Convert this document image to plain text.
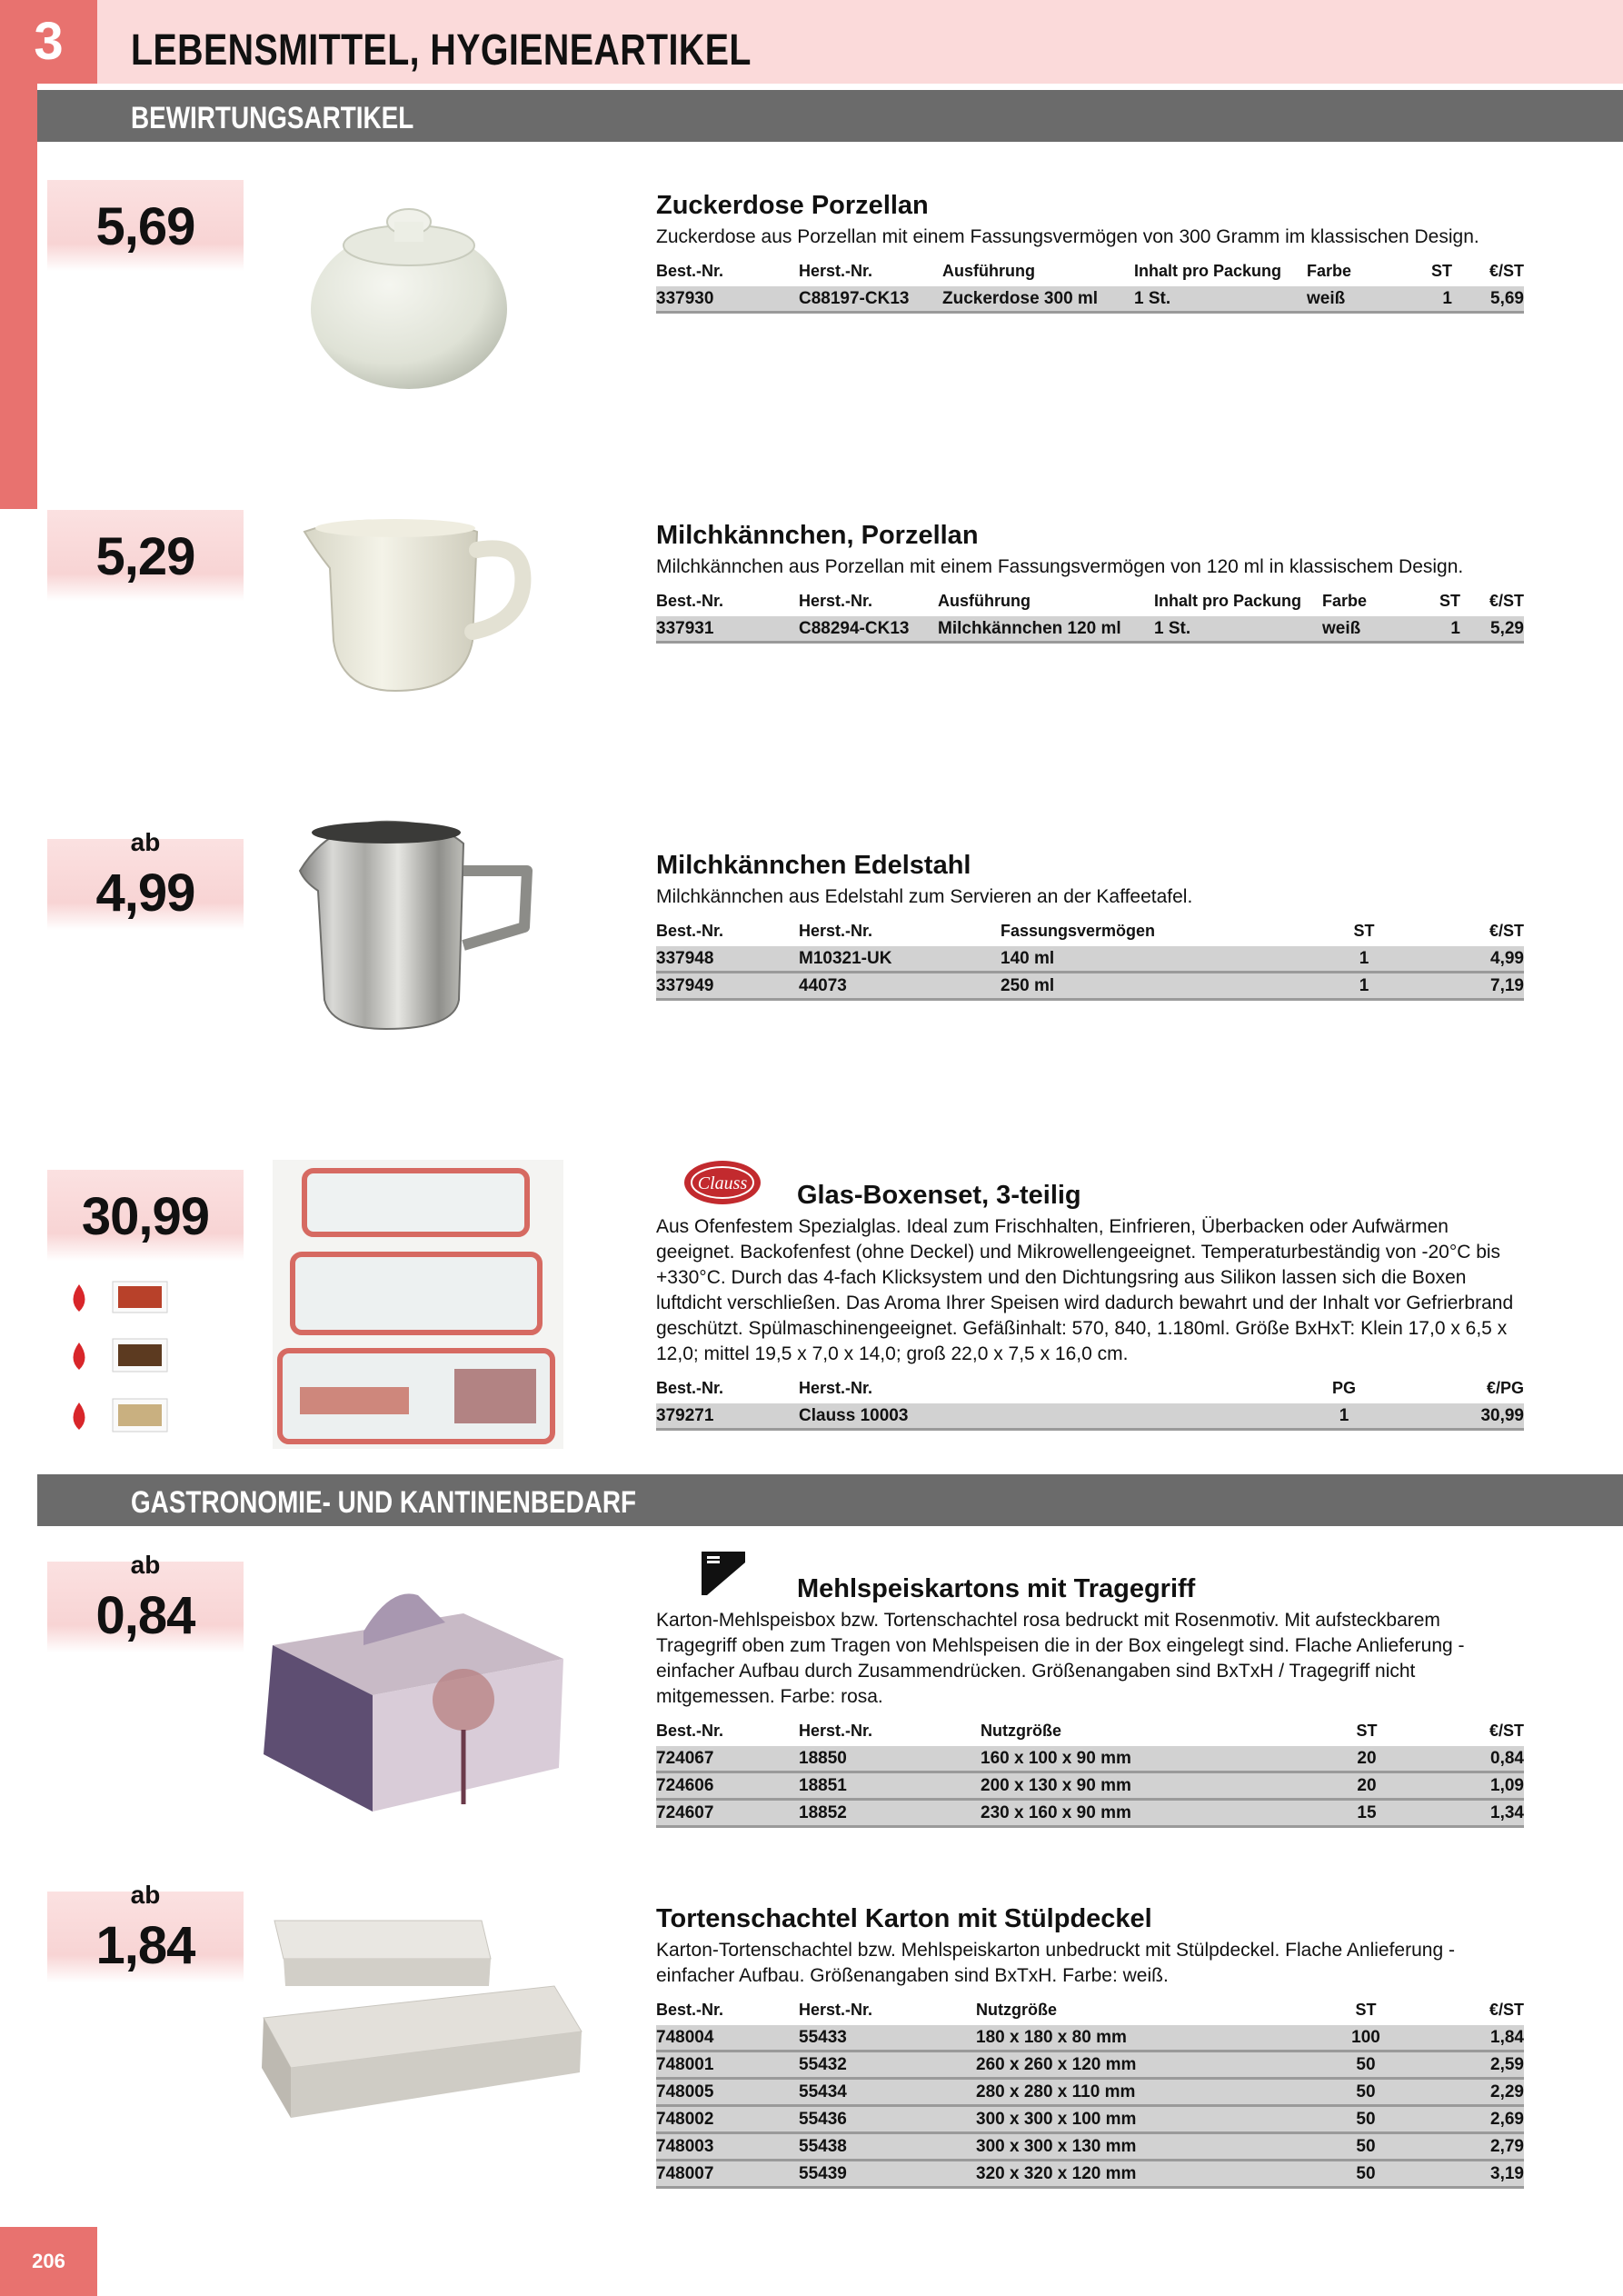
3	LEBENSMITTEL, HYGIENEARTIKEL
BEWIRTUNGSARTIKEL
GASTRONOMIE- UND KANTINENBEDARF
5,69	Zuckerdose Porzellan
Zuckerdose aus Porzellan mit einem Fassungsvermögen von 300 Gramm im klassischen Design.
Best.-Nr.	Herst.-Nr.	Ausführung	Inhalt pro Packung	Farbe	ST	€/ST
337930	C88197-CK13	Zuckerdose 300 ml	1 St.	weiß	1	5,69
5,29	Milchkännchen, Porzellan
Milchkännchen aus Porzellan mit einem Fassungsvermögen von 120 ml in klassischem Design.
Best.-Nr.	Herst.-Nr.	Ausführung	Inhalt pro Packung	Farbe	ST	€/ST
337931	C88294-CK13	Milchkännchen 120 ml	1 St.	weiß	1	5,29
ab
4,99	Milchkännchen Edelstahl
Milchkännchen aus Edelstahl zum Servieren an der Kaffeetafel.
Best.-Nr.	Herst.-Nr.	Fassungsvermögen	ST	€/ST
337948	M10321-UK	140 ml	1	4,99
337949	44073	250 ml	1	7,19
30,99
Clauss	Glas-Boxenset, 3-teilig
Aus Ofenfestem Spezialglas. Ideal zum Frischhalten, Einfrieren, Überbacken oder Aufwärmen geeignet. Backofenfest (ohne Deckel) und Mikrowellengeeignet. Temperaturbeständig von -20°C bis +330°C. Durch das 4-fach Klicksystem und den Dichtungsring aus Silikon lassen sich die Boxen luftdicht verschließen. Das Aroma Ihrer Speisen wird dadurch bewahrt und der Inhalt vor Gefrierbrand geschützt. Spülmaschinengeeignet. Gefäßinhalt: 570, 840, 1.180ml. Größe BxHxT: Klein 17,0 x 6,5 x 12,0; mittel 19,5 x 7,0 x 14,0; groß 22,0 x 7,5 x 16,0 cm.
Best.-Nr.	Herst.-Nr.	PG	€/PG
379271	Clauss 10003	1	30,99
ab
0,84	Mehlspeiskartons mit Tragegriff
Karton-Mehlspeisbox bzw. Tortenschachtel rosa bedruckt mit Rosenmotiv. Mit aufsteckbarem Tragegriff oben zum Tragen von Mehlspeisen die in der Box eingelegt sind. Flache Anlieferung - einfacher Aufbau durch Zusammendrücken. Größenangaben sind BxTxH / Tragegriff nicht mitgemessen. Farbe: rosa.
Best.-Nr.	Herst.-Nr.	Nutzgröße	ST	€/ST
724067	18850	160 x 100 x 90 mm	20	0,84
724606	18851	200 x 130 x 90 mm	20	1,09
724607	18852	230 x 160 x 90 mm	15	1,34
ab
1,84	Tortenschachtel Karton mit Stülpdeckel
Karton-Tortenschachtel bzw. Mehlspeiskarton unbedruckt mit Stülpdeckel. Flache Anlieferung - einfacher Aufbau. Größenangaben sind BxTxH. Farbe: weiß.
Best.-Nr.	Herst.-Nr.	Nutzgröße	ST	€/ST
748004	55433	180 x 180 x 80 mm	100	1,84
748001	55432	260 x 260 x 120 mm	50	2,59
748005	55434	280 x 280 x 110 mm	50	2,29
748002	55436	300 x 300 x 100 mm	50	2,69
748003	55438	300 x 300 x 130 mm	50	2,79
748007	55439	320 x 320 x 120 mm	50	3,19
206
